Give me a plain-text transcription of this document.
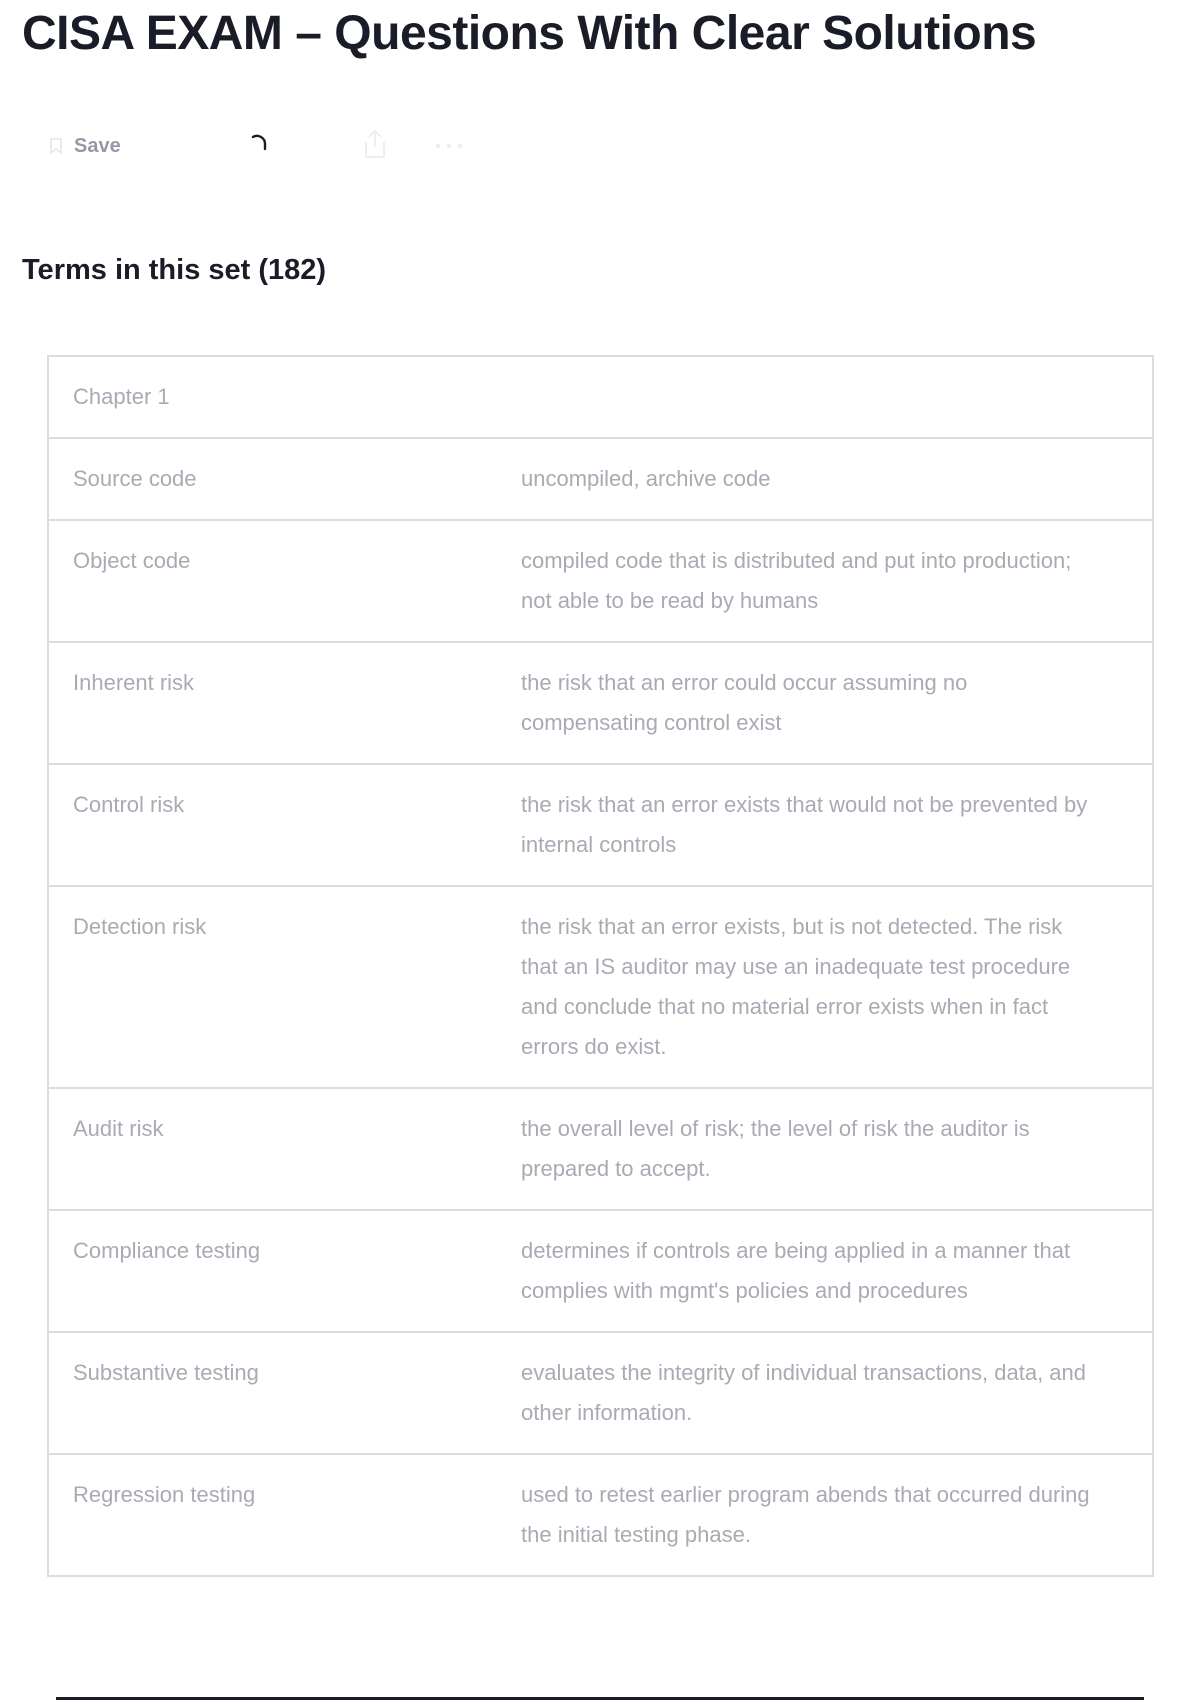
CISA EXAM – Questions With Clear Solutions
Save
Terms in this set (182)
Chapter 1
Source code	uncompiled, archive code
Object code	compiled code that is distributed and put into production; not able to be read by humans
Inherent risk	the risk that an error could occur assuming no compensating control exist
Control risk	the risk that an error exists that would not be prevented by internal controls
Detection risk	the risk that an error exists, but is not detected. The risk that an IS auditor may use an inadequate test procedure and conclude that no material error exists when in fact errors do exist.
Audit risk	the overall level of risk; the level of risk the auditor is prepared to accept.
Compliance testing	determines if controls are being applied in a manner that complies with mgmt's policies and procedures
Substantive testing	evaluates the integrity of individual transactions, data, and other information.
Regression testing	used to retest earlier program abends that occurred during the initial testing phase.
